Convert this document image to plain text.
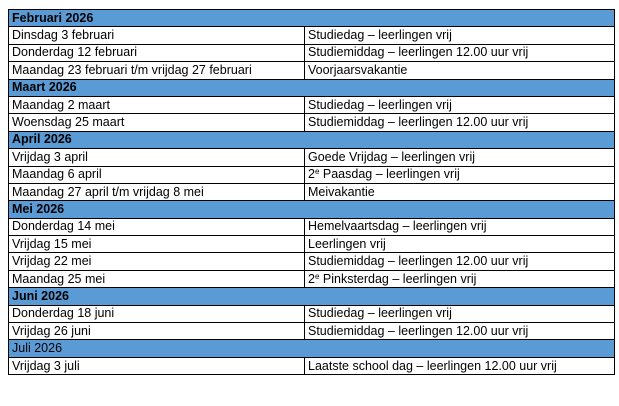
Februari 2026	
Dinsdag 3 februari	Studiedag – leerlingen vrij
Donderdag 12 februari	Studiemiddag – leerlingen 12.00 uur vrij
Maandag 23 februari t/m vrijdag 27 februari	Voorjaarsvakantie
Maart 2026	
Maandag 2 maart	Studiedag – leerlingen vrij
Woensdag 25 maart	Studiemiddag – leerlingen 12.00 uur vrij
April 2026	
Vrijdag 3 april	Goede Vrijdag – leerlingen vrij
Maandag 6 april	2e Paasdag – leerlingen vrij
Maandag 27 april t/m vrijdag 8 mei	Meivakantie
Mei 2026	
Donderdag 14 mei	Hemelvaartsdag – leerlingen vrij
Vrijdag 15 mei	Leerlingen vrij
Vrijdag 22 mei	Studiemiddag – leerlingen 12.00 uur vrij
Maandag 25 mei	2e Pinksterdag – leerlingen vrij
Juni 2026	
Donderdag 18 juni	Studiedag – leerlingen vrij
Vrijdag 26 juni	Studiemiddag – leerlingen 12.00 uur vrij
Juli 2026	
Vrijdag 3 juli	Laatste school dag – leerlingen 12.00 uur vrij
